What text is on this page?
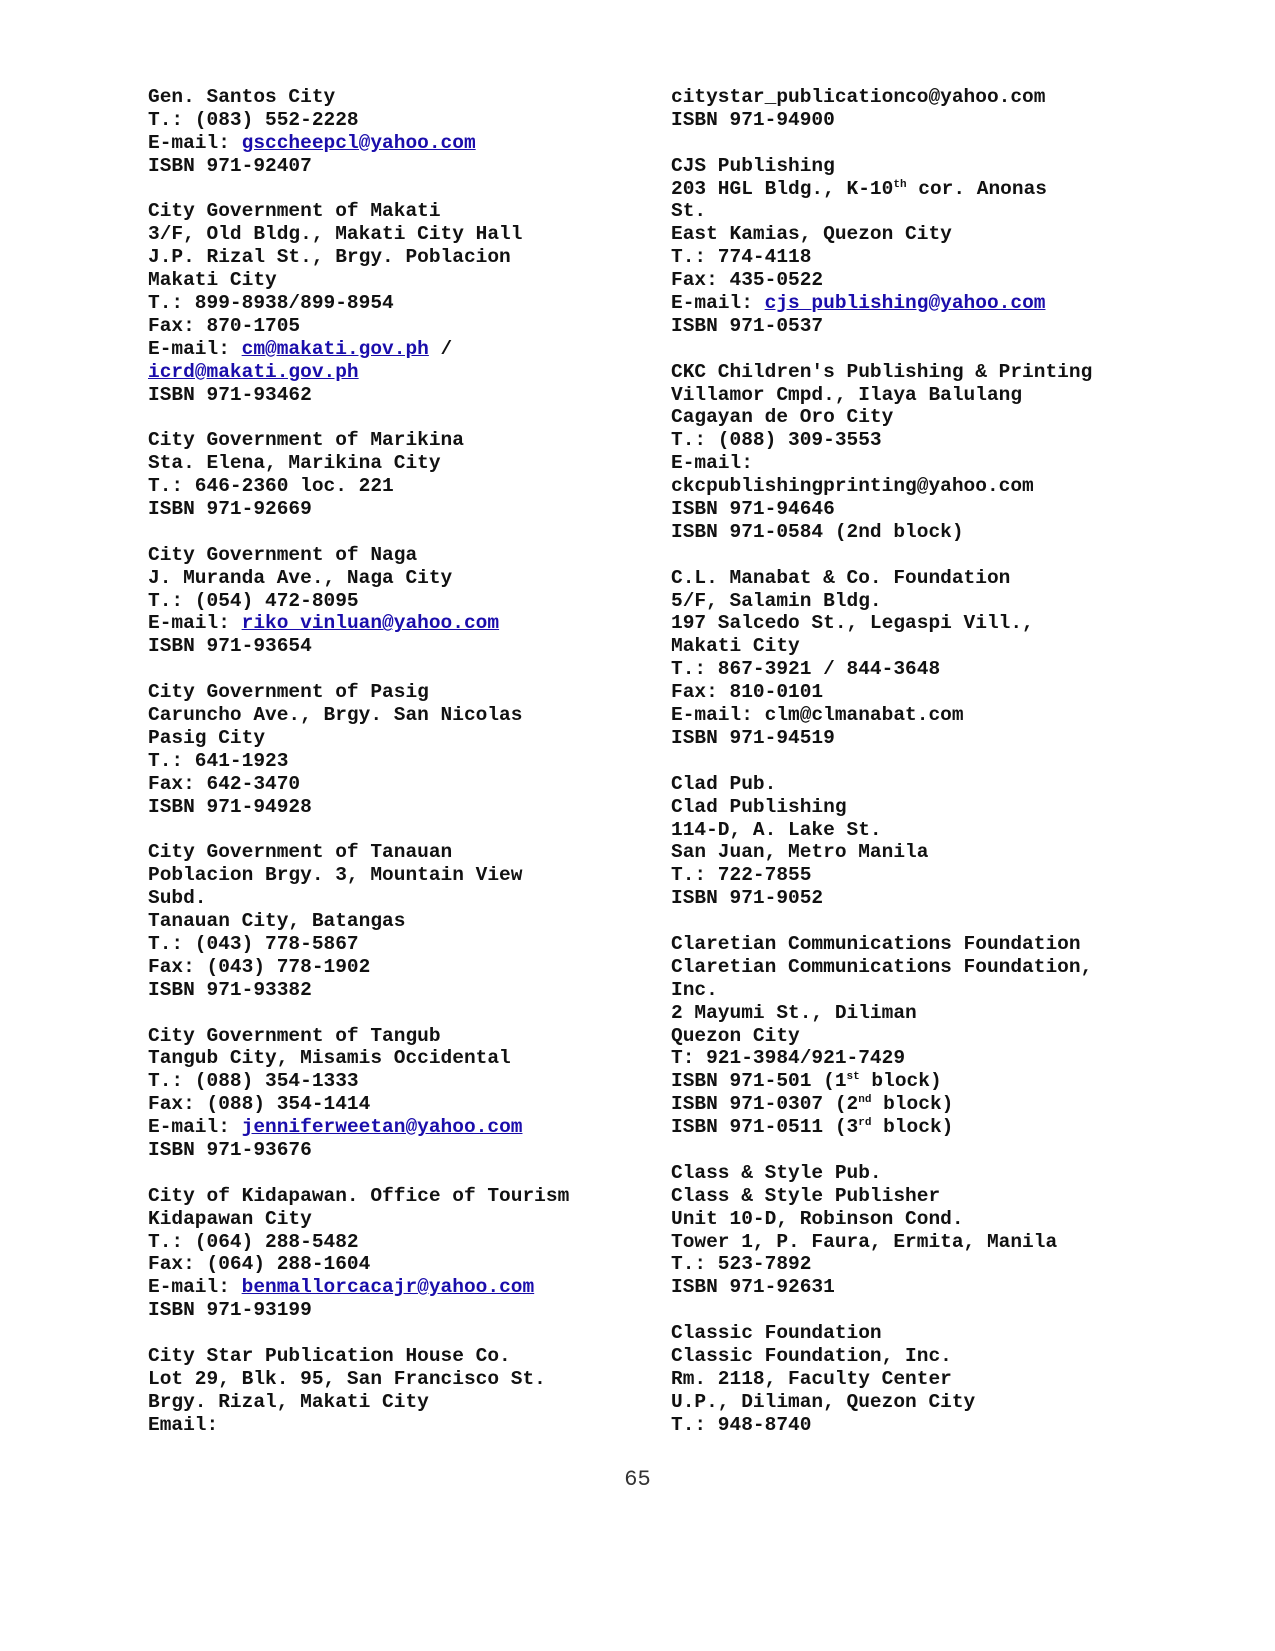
Gen. Santos City
T.: (083) 552-2228
E-mail: gsccheepcl@yahoo.com
ISBN 971-92407
City Government of Makati
3/F, Old Bldg., Makati City Hall
J.P. Rizal St., Brgy. Poblacion
Makati City
T.: 899-8938/899-8954
Fax: 870-1705
E-mail: cm@makati.gov.ph /
icrd@makati.gov.ph
ISBN 971-93462
City Government of Marikina
Sta. Elena, Marikina City
T.: 646-2360 loc. 221
ISBN 971-92669
City Government of Naga
J. Muranda Ave., Naga City
T.: (054) 472-8095
E-mail: riko_vinluan@yahoo.com
ISBN 971-93654
City Government of Pasig
Caruncho Ave., Brgy. San Nicolas
Pasig City
T.: 641-1923
Fax: 642-3470
ISBN 971-94928
City Government of Tanauan
Poblacion Brgy. 3, Mountain View
Subd.
Tanauan City, Batangas
T.: (043) 778-5867
Fax: (043) 778-1902
ISBN 971-93382
City Government of Tangub
Tangub City, Misamis Occidental
T.: (088) 354-1333
Fax: (088) 354-1414
E-mail: jenniferweetan@yahoo.com
ISBN 971-93676
City of Kidapawan. Office of Tourism
Kidapawan City
T.: (064) 288-5482
Fax: (064) 288-1604
E-mail: benmallorcacajr@yahoo.com
ISBN 971-93199
City Star Publication House Co.
Lot 29, Blk. 95, San Francisco St.
Brgy. Rizal, Makati City
Email:
citystar_publicationco@yahoo.com
ISBN 971-94900
CJS Publishing
203 HGL Bldg., K-10th cor. Anonas
St.
East Kamias, Quezon City
T.: 774-4118
Fax: 435-0522
E-mail: cjs_publishing@yahoo.com
ISBN 971-0537
CKC Children's Publishing & Printing
Villamor Cmpd., Ilaya Balulang
Cagayan de Oro City
T.: (088) 309-3553
E-mail:
ckcpublishingprinting@yahoo.com
ISBN 971-94646
ISBN 971-0584 (2nd block)
C.L. Manabat & Co. Foundation
5/F, Salamin Bldg.
197 Salcedo St., Legaspi Vill.,
Makati City
T.: 867-3921 / 844-3648
Fax: 810-0101
E-mail: clm@clmanabat.com
ISBN 971-94519
Clad Pub.
Clad Publishing
114-D, A. Lake St.
San Juan, Metro Manila
T.: 722-7855
ISBN 971-9052
Claretian Communications Foundation
Claretian Communications Foundation,
Inc.
2 Mayumi St., Diliman
Quezon City
T: 921-3984/921-7429
ISBN 971-501 (1st block)
ISBN 971-0307 (2nd block)
ISBN 971-0511 (3rd block)
Class & Style Pub.
Class & Style Publisher
Unit 10-D, Robinson Cond.
Tower 1, P. Faura, Ermita, Manila
T.: 523-7892
ISBN 971-92631
Classic Foundation
Classic Foundation, Inc.
Rm. 2118, Faculty Center
U.P., Diliman, Quezon City
T.: 948-8740
65
